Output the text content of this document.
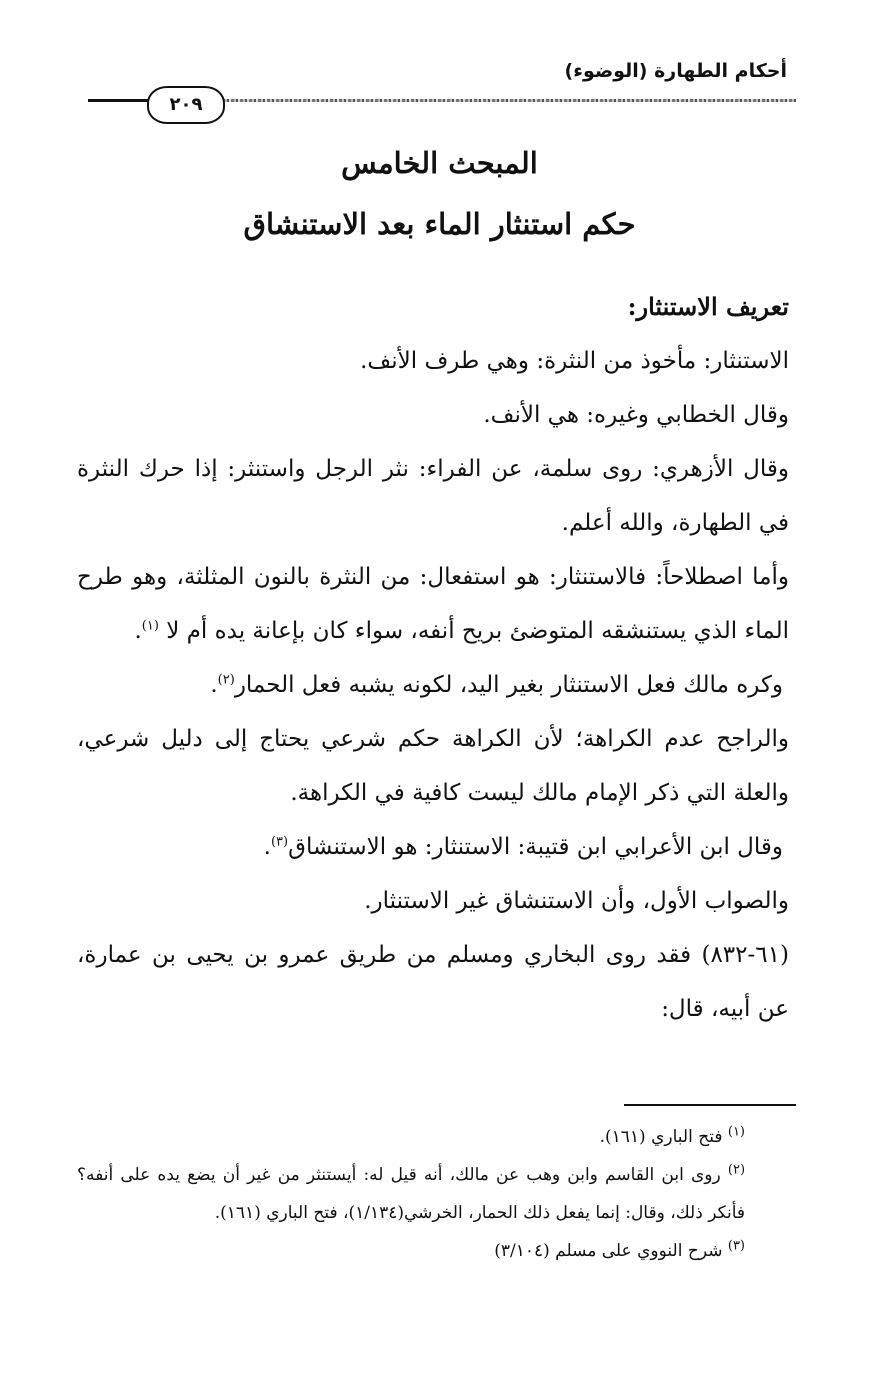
أحكام الطهارة (الوضوء)
٢٠٩
المبحث الخامس
حكم استنثار الماء بعد الاستنشاق

تعريف الاستنثار:

الاستنثار: مأخوذ من النثرة: وهي طرف الأنف.

وقال الخطابي وغيره: هي الأنف.

وقال الأزهري: روى سلمة، عن الفراء: نثر الرجل واستنثر: إذا حرك النثرة في الطهارة، والله أعلم.

وأما اصطلاحاً: فالاستنثار: هو استفعال: من النثرة بالنون المثلثة، وهو طرح الماء الذي يستنشقه المتوضئ بريح أنفه، سواء كان بإعانة يده أم لا $^{(١)}$.

وكره مالك فعل الاستنثار بغير اليد، لكونه يشبه فعل الحمار$^{(٢)}$.

والراجح عدم الكراهة؛ لأن الكراهة حكم شرعي يحتاج إلى دليل شرعي، والعلة التي ذكر الإمام مالك ليست كافية في الكراهة.

وقال ابن الأعرابي ابن قتيبة: الاستنثار: هو الاستنشاق$^{(٣)}$.

والصواب الأول، وأن الاستنشاق غير الاستنثار.

(٦١-٨٣٢) فقد روى البخاري ومسلم من طريق عمرو بن يحيى بن عمارة، عن أبيه، قال:

$^{(١)}$ فتح الباري (١٦١).

$^{(٢)}$ روى ابن القاسم وابن وهب عن مالك، أنه قيل له: أيستنثر من غير أن يضع يده على أنفه؟ فأنكر ذلك، وقال: إنما يفعل ذلك الحمار، الخرشي(١/١٣٤)، فتح الباري (١٦١).

$^{(٣)}$ شرح النووي على مسلم (٣/١٠٤)
